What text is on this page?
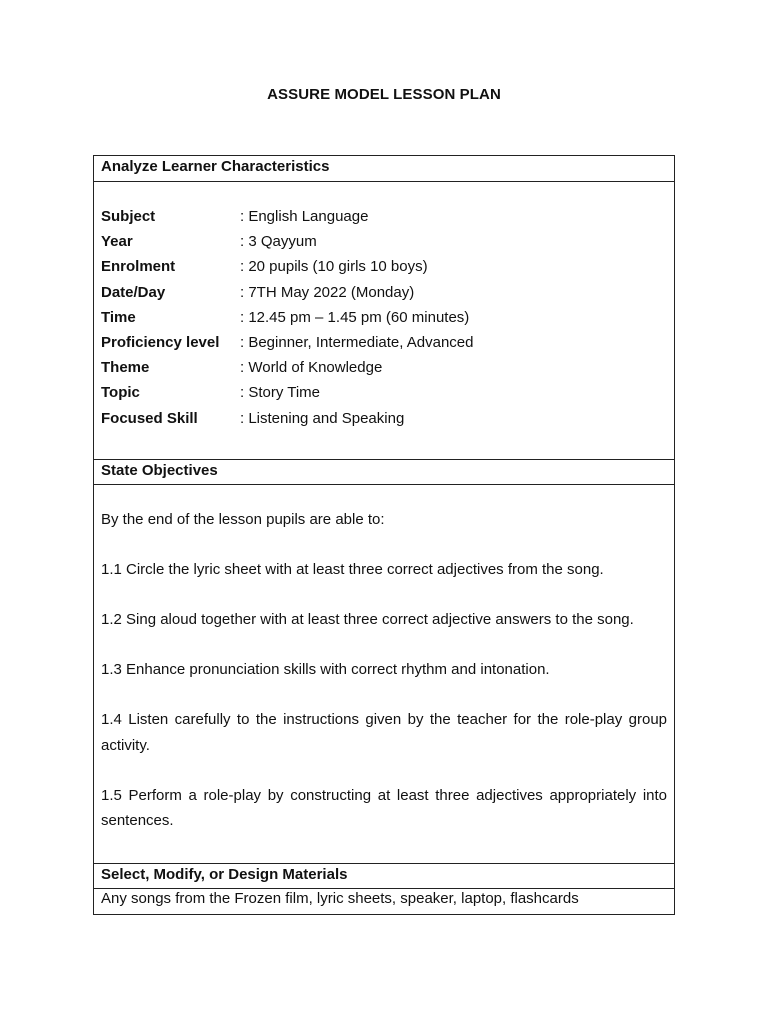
ASSURE MODEL LESSON PLAN
Analyze Learner Characteristics
Subject	: English Language
Year	: 3 Qayyum
Enrolment	: 20 pupils (10 girls 10 boys)
Date/Day	: 7TH May 2022 (Monday)
Time	: 12.45 pm – 1.45 pm (60 minutes)
Proficiency level	: Beginner, Intermediate, Advanced
Theme	: World of Knowledge
Topic	: Story Time
Focused Skill	: Listening and Speaking
State Objectives

By the end of the lesson pupils are able to:

1.1 Circle the lyric sheet with at least three correct adjectives from the song.

1.2 Sing aloud together with at least three correct adjective answers to the song.

1.3 Enhance pronunciation skills with correct rhythm and intonation.

1.4 Listen carefully to the instructions given by the teacher for the role-play group activity.

1.5 Perform a role-play by constructing at least three adjectives appropriately into sentences.

Select, Modify, or Design Materials
Any songs from the Frozen film, lyric sheets, speaker, laptop, flashcards
